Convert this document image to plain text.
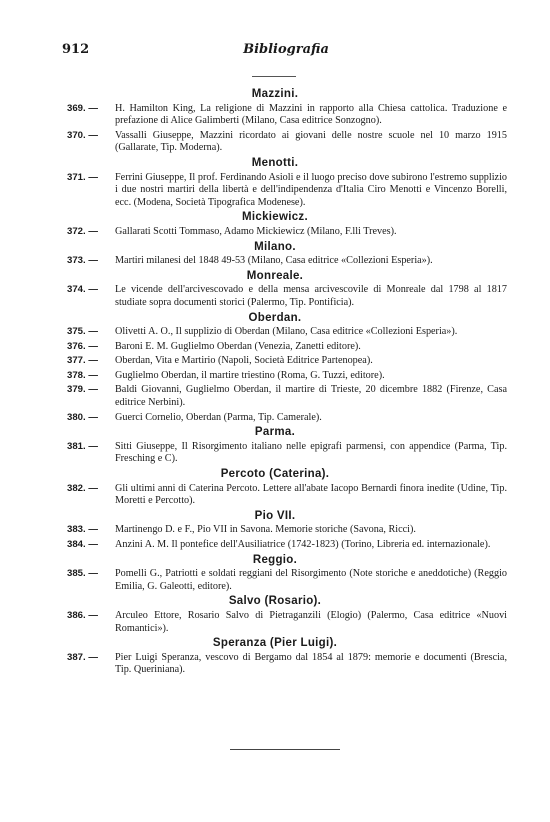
912	Bibliografia
Mazzini.
369. —	H. Hamilton King, La religione di Mazzini in rapporto alla Chiesa cattolica. Traduzione e prefazione di Alice Galimberti (Milano, Casa editrice Sonzogno).
370. —	Vassalli Giuseppe, Mazzini ricordato ai giovani delle nostre scuole nel 10 marzo 1915 (Gallarate, Tip. Moderna).
Menotti.
371. —	Ferrini Giuseppe, Il prof. Ferdinando Asioli e il luogo preciso dove subirono l'estremo supplizio i due nostri martiri della libertà e dell'indipendenza d'Italia Ciro Menotti e Vincenzo Borelli, ecc. (Modena, Società Tipografica Modenese).
Mickiewicz.
372. —	Gallarati Scotti Tommaso, Adamo Mickiewicz (Milano, F.lli Treves).
Milano.
373. —	Martiri milanesi del 1848 49-53 (Milano, Casa editrice «Collezioni Esperia»).
Monreale.
374. —	Le vicende dell'arcivescovado e della mensa arcivescovile di Monreale dal 1798 al 1817 studiate sopra documenti storici (Palermo, Tip. Pontificia).
Oberdan.
375. —	Olivetti A. O., Il supplizio di Oberdan (Milano, Casa editrice «Collezioni Esperia»).
376. —	Baroni E. M. Guglielmo Oberdan (Venezia, Zanetti editore).
377. —	Oberdan, Vita e Martirio (Napoli, Società Editrice Partenopea).
378. —	Guglielmo Oberdan, il martire triestino (Roma, G. Tuzzi, editore).
379. —	Baldi Giovanni, Guglielmo Oberdan, il martire di Trieste, 20 dicembre 1882 (Firenze, Casa editrice Nerbini).
380. —	Guerci Cornelio, Oberdan (Parma, Tip. Camerale).
Parma.
381. —	Sitti Giuseppe, Il Risorgimento italiano nelle epigrafi parmensi, con appendice (Parma, Tip. Fresching e C).
Percoto (Caterina).
382. —	Gli ultimi anni di Caterina Percoto. Lettere all'abate Iacopo Bernardi finora inedite (Udine, Tip. Moretti e Percotto).
Pio VII.
383. —	Martinengo D. e F., Pio VII in Savona. Memorie storiche (Savona, Ricci).
384. —	Anzini A. M. Il pontefice dell'Ausiliatrice (1742-1823) (Torino, Libreria ed. internazionale).
Reggio.
385. —	Pomelli G., Patriotti e soldati reggiani del Risorgimento (Note storiche e aneddotiche) (Reggio Emilia, G. Galeotti, editore).
Salvo (Rosario).
386. —	Arculeo Ettore, Rosario Salvo di Pietraganzili (Elogio) (Palermo, Casa editrice «Nuovi Romantici»).
Speranza (Pier Luigi).
387. —	Pier Luigi Speranza, vescovo di Bergamo dal 1854 al 1879: memorie e documenti (Brescia, Tip. Queriniana).
